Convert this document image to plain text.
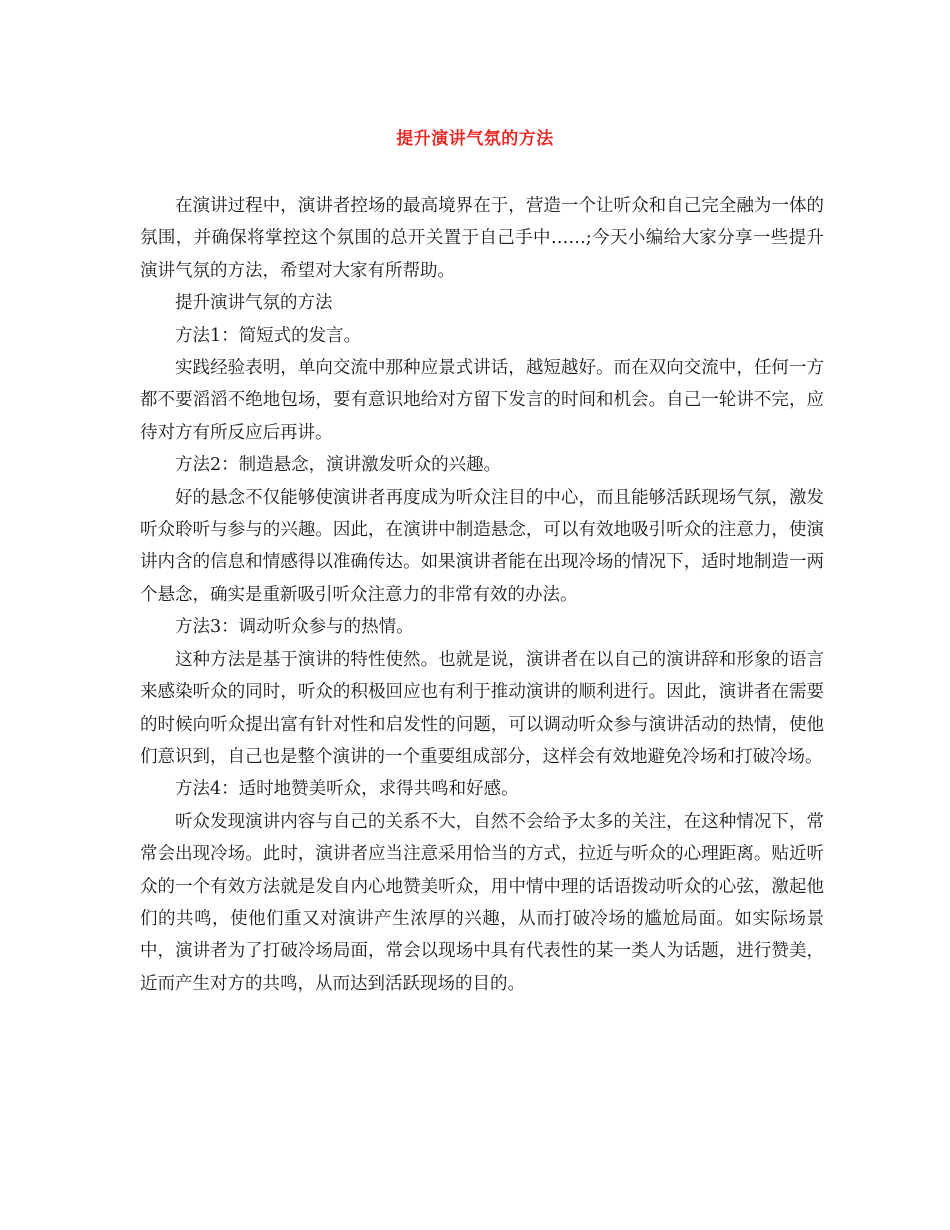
提升演讲气氛的方法

在演讲过程中，演讲者控场的最高境界在于，营造一个让听众和自己完全融为一体的氛围，并确保将掌控这个氛围的总开关置于自己手中……;今天小编给大家分享一些提升演讲气氛的方法，希望对大家有所帮助。

提升演讲气氛的方法

方法1：简短式的发言。

实践经验表明，单向交流中那种应景式讲话，越短越好。而在双向交流中，任何一方都不要滔滔不绝地包场，要有意识地给对方留下发言的时间和机会。自己一轮讲不完，应待对方有所反应后再讲。

方法2：制造悬念，演讲激发听众的兴趣。

好的悬念不仅能够使演讲者再度成为听众注目的中心，而且能够活跃现场气氛，激发听众聆听与参与的兴趣。因此，在演讲中制造悬念，可以有效地吸引听众的注意力，使演讲内含的信息和情感得以准确传达。如果演讲者能在出现冷场的情况下，适时地制造一两个悬念，确实是重新吸引听众注意力的非常有效的办法。

方法3：调动听众参与的热情。

这种方法是基于演讲的特性使然。也就是说，演讲者在以自己的演讲辞和形象的语言来感染听众的同时，听众的积极回应也有利于推动演讲的顺利进行。因此，演讲者在需要的时候向听众提出富有针对性和启发性的问题，可以调动听众参与演讲活动的热情，使他们意识到，自己也是整个演讲的一个重要组成部分，这样会有效地避免冷场和打破冷场。

方法4：适时地赞美听众，求得共鸣和好感。

听众发现演讲内容与自己的关系不大，自然不会给予太多的关注，在这种情况下，常常会出现冷场。此时，演讲者应当注意采用恰当的方式，拉近与听众的心理距离。贴近听众的一个有效方法就是发自内心地赞美听众，用中情中理的话语拨动听众的心弦，激起他们的共鸣，使他们重又对演讲产生浓厚的兴趣，从而打破冷场的尴尬局面。如实际场景中，演讲者为了打破冷场局面，常会以现场中具有代表性的某一类人为话题，进行赞美，近而产生对方的共鸣，从而达到活跃现场的目的。
